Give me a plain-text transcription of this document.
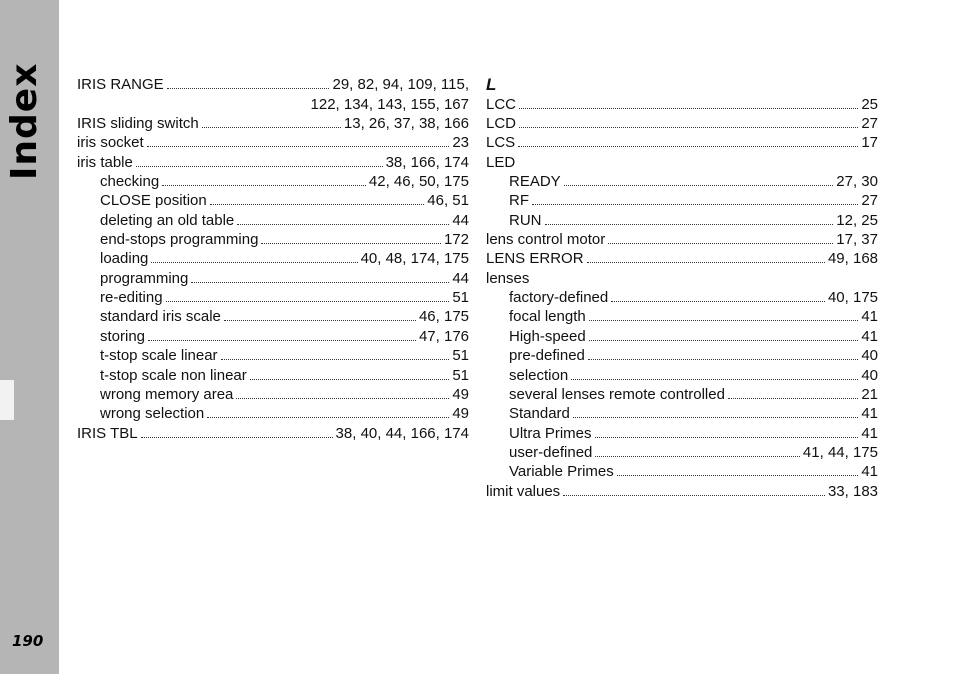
Index
190
IRIS RANGE	29, 82, 94, 109, 115,
122, 134, 143, 155, 167
IRIS sliding switch	13, 26, 37, 38, 166
iris socket	23
iris table	38, 166, 174
checking	42, 46, 50, 175
CLOSE position	46, 51
deleting an old table	44
end-stops programming	172
loading	40, 48, 174, 175
programming	44
re-editing	51
standard iris scale	46, 175
storing	47, 176
t-stop scale linear	51
t-stop scale non linear	51
wrong memory area	49
wrong selection	49
IRIS TBL	38, 40, 44, 166, 174
L
LCC	25
LCD	27
LCS	17
LED
READY	27, 30
RF	27
RUN	12, 25
lens control motor	17, 37
LENS ERROR	49, 168
lenses
factory-defined	40, 175
focal length	41
High-speed	41
pre-defined	40
selection	40
several lenses remote controlled	21
Standard	41
Ultra Primes	41
user-defined	41, 44, 175
Variable Primes	41
limit values	33, 183
